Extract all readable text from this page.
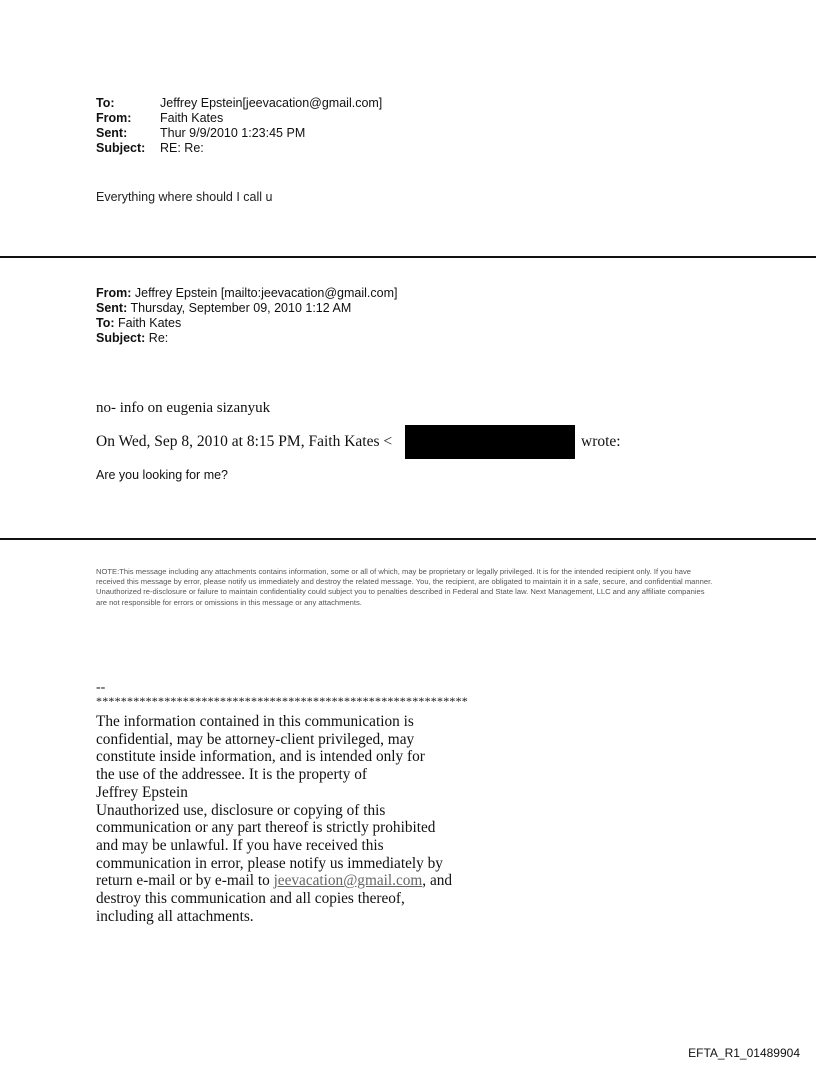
To:	Jeffrey Epstein[jeevacation@gmail.com]
From: Faith Kates
Sent:	Thur 9/9/2010 1:23:45 PM
Subject: RE: Re:
Everything where should I call u
From: Jeffrey Epstein [mailto:jeevacation@gmail.com]
Sent: Thursday, September 09, 2010 1:12 AM
To: Faith Kates
Subject: Re:
no- info on eugenia sizanyuk
On Wed, Sep 8, 2010 at 8:15 PM, Faith Kates <	wrote:
Are you looking for me?
NOTE:This message including any attachments contains information, some or all of which, may be proprietary or legally privileged. It is for the intended recipient only. If you have received this message by error, please notify us immediately and destroy the related message. You, the recipient, are obligated to maintain it in a safe, secure, and confidential manner. Unauthorized re-disclosure or failure to maintain confidentiality could subject you to penalties described in Federal and State law. Next Management, LLC and any affiliate companies are not responsible for errors or omissions in this message or any attachments.
--
************************************************************
The information contained in this communication is
confidential, may be attorney-client privileged, may
constitute inside information, and is intended only for
the use of the addressee. It is the property of
Jeffrey Epstein
Unauthorized use, disclosure or copying of this
communication or any part thereof is strictly prohibited
and may be unlawful. If you have received this
communication in error, please notify us immediately by
return e-mail or by e-mail to jeevacation@gmail.com, and
destroy this communication and all copies thereof,
including all attachments.
EFTA_R1_01489904
